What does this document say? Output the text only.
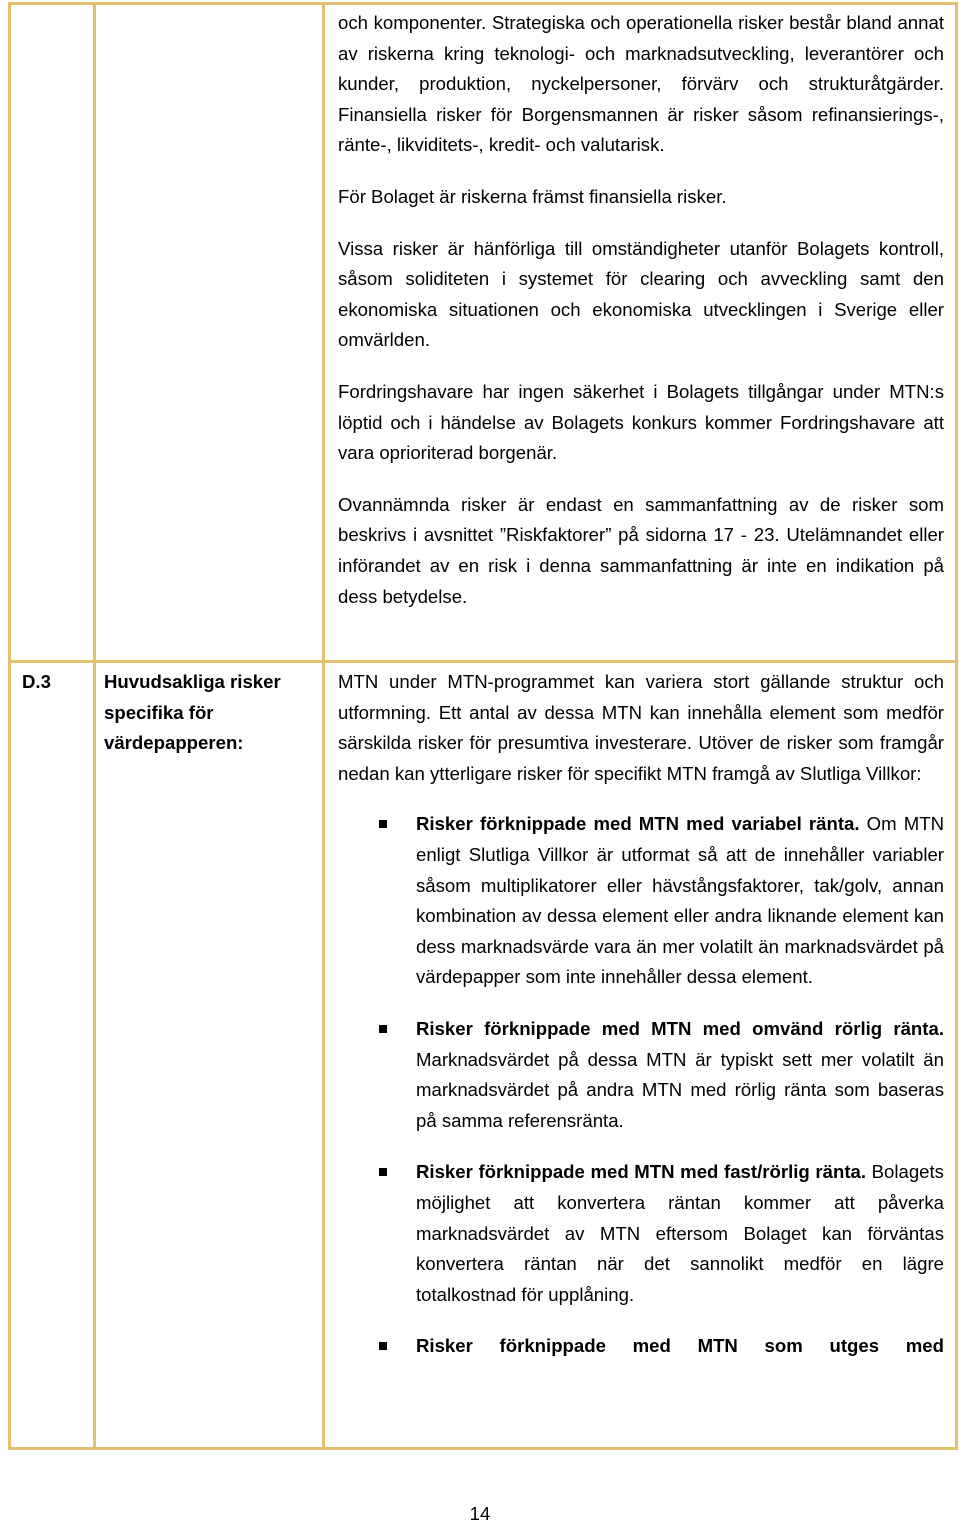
och komponenter. Strategiska och operationella risker består bland annat av riskerna kring teknologi- och marknadsutveckling, leverantörer och kunder, produktion, nyckelpersoner, förvärv och strukturåtgärder. Finansiella risker för Borgensmannen är risker såsom refinansierings-, ränte-, likviditets-, kredit- och valutarisk.

För Bolaget är riskerna främst finansiella risker.

Vissa risker är hänförliga till omständigheter utanför Bolagets kontroll, såsom soliditeten i systemet för clearing och avveckling samt den ekonomiska situationen och ekonomiska utvecklingen i Sverige eller omvärlden.

Fordringshavare har ingen säkerhet i Bolagets tillgångar under MTN:s löptid och i händelse av Bolagets konkurs kommer Fordringshavare att vara oprioriterad borgenär.

Ovannämnda risker är endast en sammanfattning av de risker som beskrivs i avsnittet ”Riskfaktorer” på sidorna 17 - 23. Utelämnandet eller införandet av en risk i denna sammanfattning är inte en indikation på dess betydelse.

D.3	Huvudsakliga risker specifika för värdepapperen:

MTN under MTN-programmet kan variera stort gällande struktur och utformning. Ett antal av dessa MTN kan innehålla element som medför särskilda risker för presumtiva investerare. Utöver de risker som framgår nedan kan ytterligare risker för specifikt MTN framgå av Slutliga Villkor:

Risker förknippade med MTN med variabel ränta. Om MTN enligt Slutliga Villkor är utformat så att de innehåller variabler såsom multiplikatorer eller hävstångsfaktorer, tak/golv, annan kombination av dessa element eller andra liknande element kan dess marknadsvärde vara än mer volatilt än marknadsvärdet på värdepapper som inte innehåller dessa element.

Risker förknippade med MTN med omvänd rörlig ränta. Marknadsvärdet på dessa MTN är typiskt sett mer volatilt än marknadsvärdet på andra MTN med rörlig ränta som baseras på samma referensränta.

Risker förknippade med MTN med fast/rörlig ränta. Bolagets möjlighet att konvertera räntan kommer att påverka marknadsvärdet av MTN eftersom Bolaget kan förväntas konvertera räntan när det sannolikt medför en lägre totalkostnad för upplåning.

Risker förknippade med MTN som utges med

14
